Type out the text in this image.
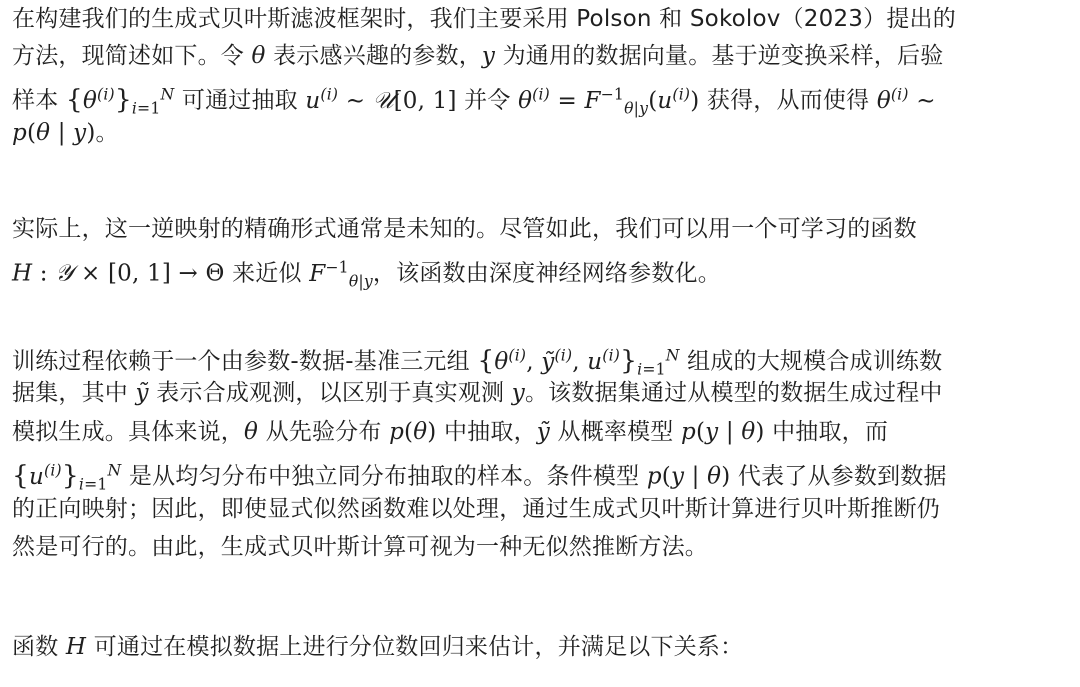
在构建我们的生成式贝叶斯滤波框架时，我们主要采用 Polson 和 Sokolov（2023）提出的
方法，现简述如下。令 θ 表示感兴趣的参数，y 为通用的数据向量。基于逆变换采样，后验
样本 $\{\theta^{(i)}\}_{i=1}^N$ 可通过抽取 $u^{(i)}$ ∼ 𝒰[0, 1] 并令 $\theta^{(i)} = F^{-1}_{\theta|y}(u^{(i)})$ 获得，从而使得 $\theta^{(i)}$ ∼
p(θ | y)。
实际上，这一逆映射的精确形式通常是未知的。尽管如此，我们可以用一个可学习的函数
H : 𝒴 × [0, 1] → Θ 来近似 $F^{-1}_{\theta|y}$，该函数由深度神经网络参数化。
训练过程依赖于一个由参数-数据-基准三元组 {$\theta^{(i)}$, ỹ$^{(i)}$, $u^{(i)}\}_{i=1}^N$ 组成的大规模合成训练数
据集，其中 ỹ 表示合成观测，以区别于真实观测 y。该数据集通过从模型的数据生成过程中
模拟生成。具体来说，θ 从先验分布 p(θ) 中抽取，ỹ 从概率模型 p(y | θ) 中抽取，而
$\{u^{(i)}\}_{i=1}^N$ 是从均匀分布中独立同分布抽取的样本。条件模型 p(y | θ) 代表了从参数到数据
的正向映射；因此，即使显式似然函数难以处理，通过生成式贝叶斯计算进行贝叶斯推断仍
然是可行的。由此，生成式贝叶斯计算可视为一种无似然推断方法。
函数 H 可通过在模拟数据上进行分位数回归来估计，并满足以下关系：
